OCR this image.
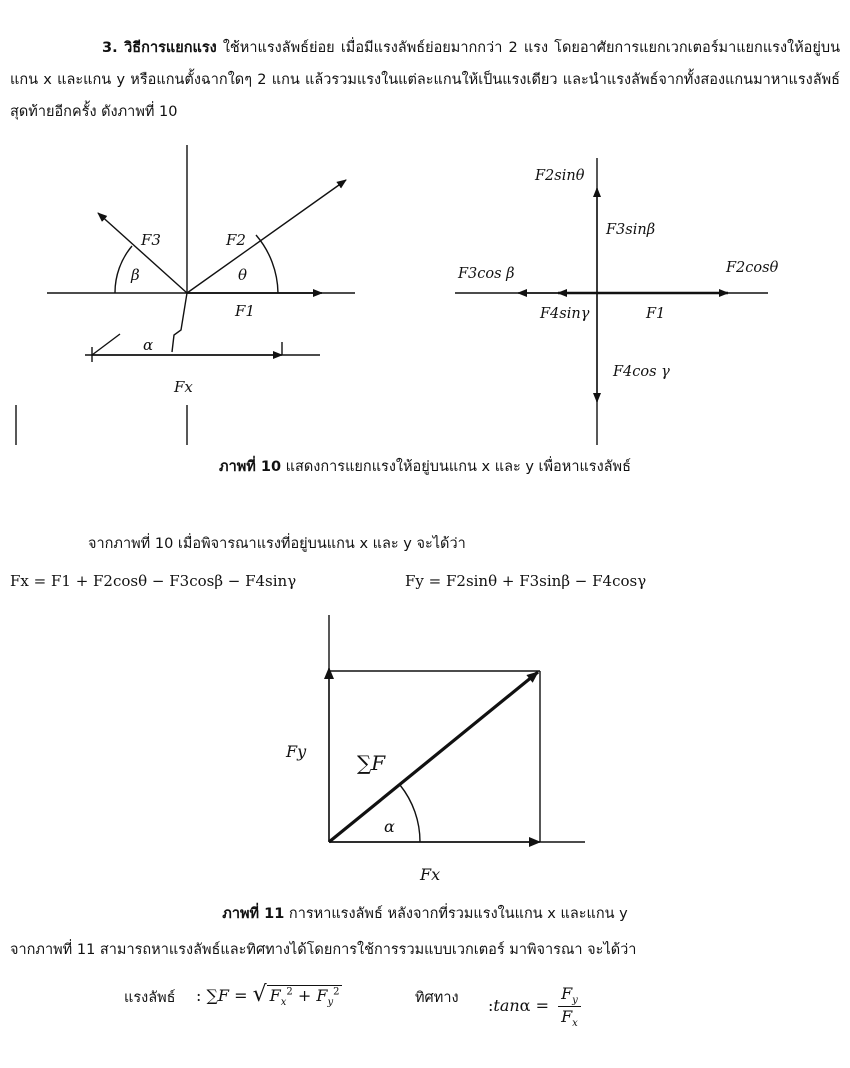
3. วิธีการแยกแรง ใช้หาแรงลัพธ์ย่อย เมื่อมีแรงลัพธ์ย่อยมากกว่า 2 แรง โดยอาศัยการแยกเวกเตอร์มาแยกแรงให้อยู่บนแกน x และแกน y หรือแกนตั้งฉากใดๆ 2 แกน แล้วรวมแรงในแต่ละแกนให้เป็นแรงเดียว และนำแรงลัพธ์จากทั้งสองแกนมาหาแรงลัพธ์สุดท้ายอีกครั้ง ดังภาพที่ 10
F3	F2
F1
β	θ
α
Fx
F2sinθ
F3sinβ
F3cos β	F2cosθ
F4sinγ	F1
F4cos γ
ภาพที่ 10 แสดงการแยกแรงให้อยู่บนแกน x และ y เพื่อหาแรงลัพธ์
จากภาพที่ 10 เมื่อพิจารณาแรงที่อยู่บนแกน x และ y จะได้ว่า
Fx = F1 + F2cosθ − F3cosβ − F4sinγ	Fy = F2sinθ + F3sinβ − F4cosγ
∑F
Fy
α
Fx
ภาพที่ 11 การหาแรงลัพธ์ หลังจากที่รวมแรงในแกน x และแกน y
จากภาพที่ 11 สามารถหาแรงลัพธ์และทิศทางได้โดยการใช้การรวมแบบเวกเตอร์ มาพิจารณา จะได้ว่า
แรงลัพธ์ : ∑F = √ $F_x^2 + F_y^2$	ทิศทาง :tanα = $\frac{F_y}{F_x}$
